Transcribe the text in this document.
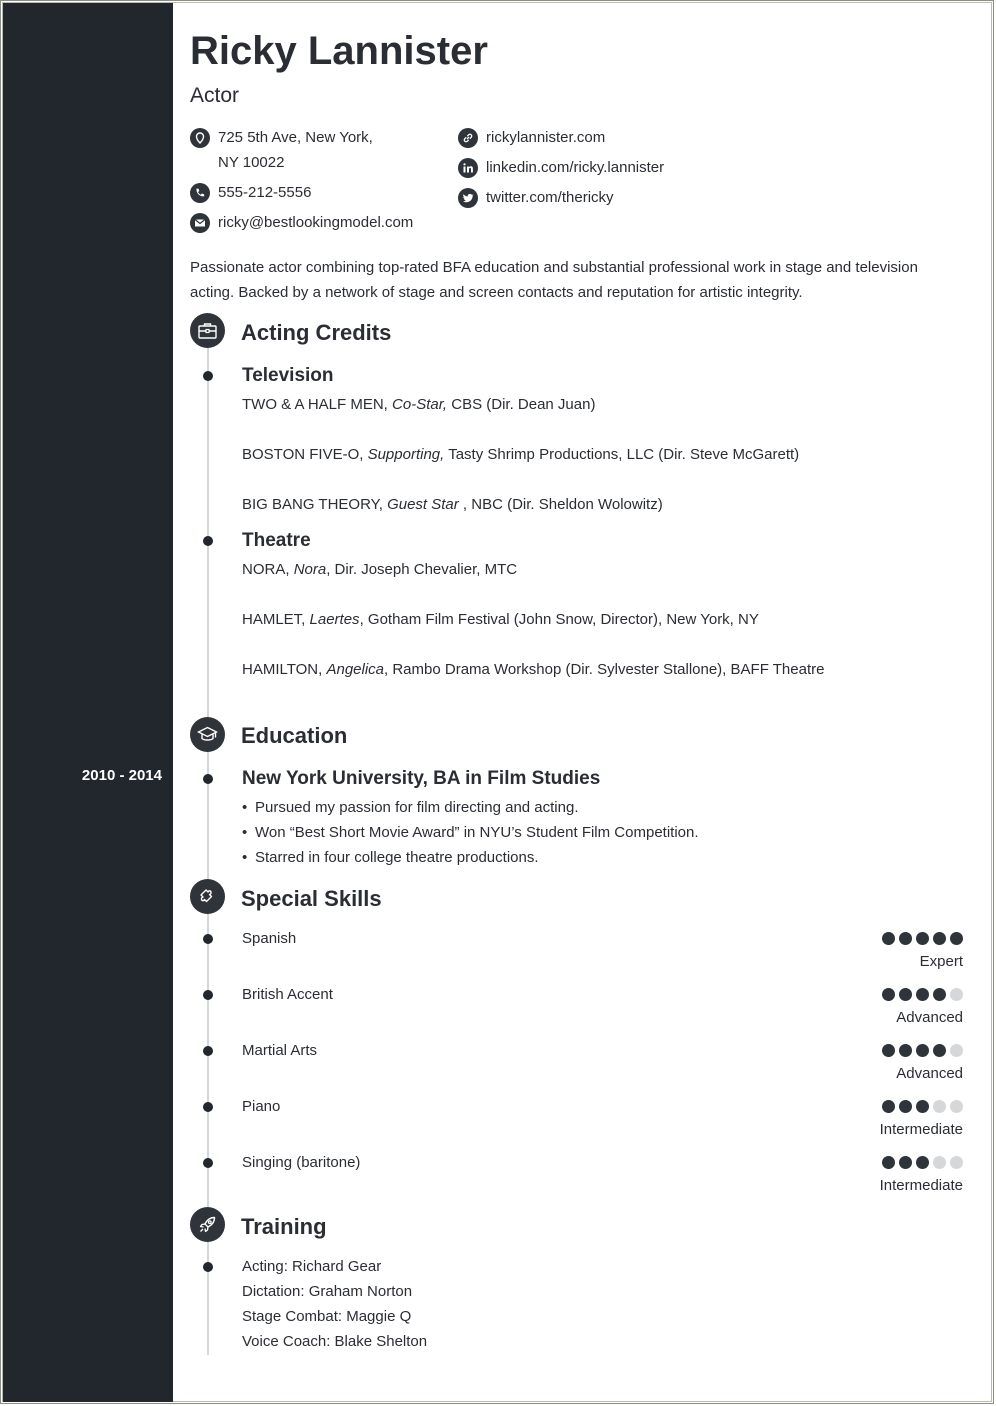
2010 - 2014
Ricky Lannister
Actor
725 5th Ave, New York,
NY 10022
555-212-5556
ricky@bestlookingmodel.com
rickylannister.com
linkedin.com/ricky.lannister
twitter.com/thericky
Passionate actor combining top-rated BFA education and substantial professional work in stage and television
acting. Backed by a network of stage and screen contacts and reputation for artistic integrity.
Acting Credits
Television
TWO & A HALF MEN, Co-Star, CBS (Dir. Dean Juan)
BOSTON FIVE-O, Supporting, Tasty Shrimp Productions, LLC (Dir. Steve McGarett)
BIG BANG THEORY, Guest Star , NBC (Dir. Sheldon Wolowitz)
Theatre
NORA, Nora, Dir. Joseph Chevalier, MTC
HAMLET, Laertes, Gotham Film Festival (John Snow, Director), New York, NY
HAMILTON, Angelica, Rambo Drama Workshop (Dir. Sylvester Stallone), BAFF Theatre
Education
New York University, BA in Film Studies
• Pursued my passion for film directing and acting.
• Won “Best Short Movie Award” in NYU’s Student Film Competition.
• Starred in four college theatre productions.
Special Skills
Spanish
Expert
British Accent
Advanced
Martial Arts
Advanced
Piano
Intermediate
Singing (baritone)
Intermediate
Training
Acting: Richard Gear
Dictation: Graham Norton
Stage Combat: Maggie Q
Voice Coach: Blake Shelton
